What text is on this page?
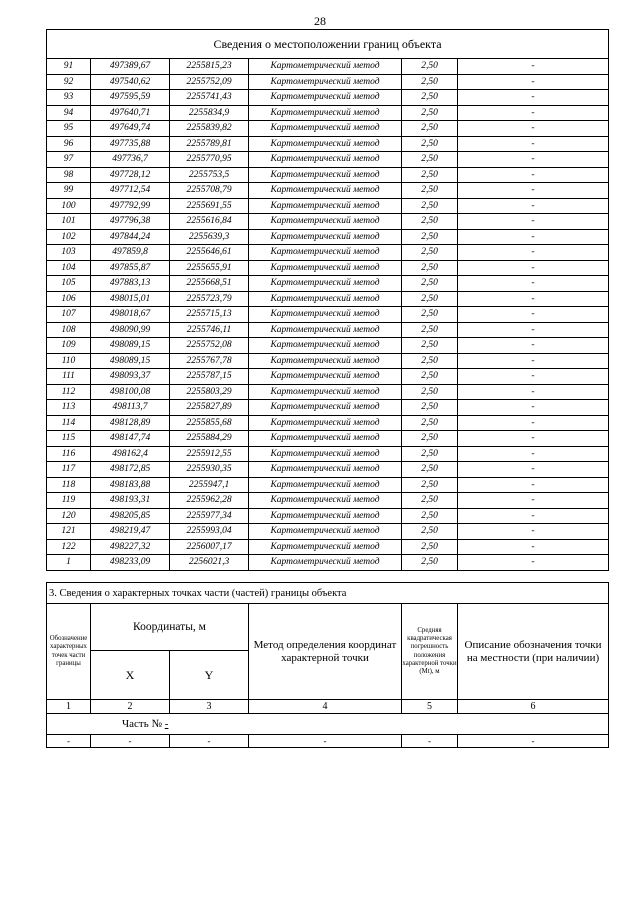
28
Сведения о местоположении границ объекта					
91	497389,67	2255815,23	Картометрический метод	2,50	-
92	497540,62	2255752,09	Картометрический метод	2,50	-
93	497595,59	2255741,43	Картометрический метод	2,50	-
94	497640,71	2255834,9	Картометрический метод	2,50	-
95	497649,74	2255839,82	Картометрический метод	2,50	-
96	497735,88	2255789,81	Картометрический метод	2,50	-
97	497736,7	2255770,95	Картометрический метод	2,50	-
98	497728,12	2255753,5	Картометрический метод	2,50	-
99	497712,54	2255708,79	Картометрический метод	2,50	-
100	497792,99	2255691,55	Картометрический метод	2,50	-
101	497796,38	2255616,84	Картометрический метод	2,50	-
102	497844,24	2255639,3	Картометрический метод	2,50	-
103	497859,8	2255646,61	Картометрический метод	2,50	-
104	497855,87	2255655,91	Картометрический метод	2,50	-
105	497883,13	2255668,51	Картометрический метод	2,50	-
106	498015,01	2255723,79	Картометрический метод	2,50	-
107	498018,67	2255715,13	Картометрический метод	2,50	-
108	498090,99	2255746,11	Картометрический метод	2,50	-
109	498089,15	2255752,08	Картометрический метод	2,50	-
110	498089,15	2255767,78	Картометрический метод	2,50	-
111	498093,37	2255787,15	Картометрический метод	2,50	-
112	498100,08	2255803,29	Картометрический метод	2,50	-
113	498113,7	2255827,89	Картометрический метод	2,50	-
114	498128,89	2255855,68	Картометрический метод	2,50	-
115	498147,74	2255884,29	Картометрический метод	2,50	-
116	498162,4	2255912,55	Картометрический метод	2,50	-
117	498172,85	2255930,35	Картометрический метод	2,50	-
118	498183,88	2255947,1	Картометрический метод	2,50	-
119	498193,31	2255962,28	Картометрический метод	2,50	-
120	498205,85	2255977,34	Картометрический метод	2,50	-
121	498219,47	2255993,04	Картометрический метод	2,50	-
122	498227,32	2256007,17	Картометрический метод	2,50	-
1	498233,09	2256021,3	Картометрический метод	2,50	-
3. Сведения о характерных точках части (частей) границы объекта					
Обозначение характерных точек части границы	Координаты, м		Метод определения координат характерной точки	Средняя квадратическая погрешность положения характерной точки (Mt), м	Описание обозначения точки на местности (при наличии)
	X	Y			
1	2	3	4	5	6
Часть № -					
-	-	-	-	-	-
